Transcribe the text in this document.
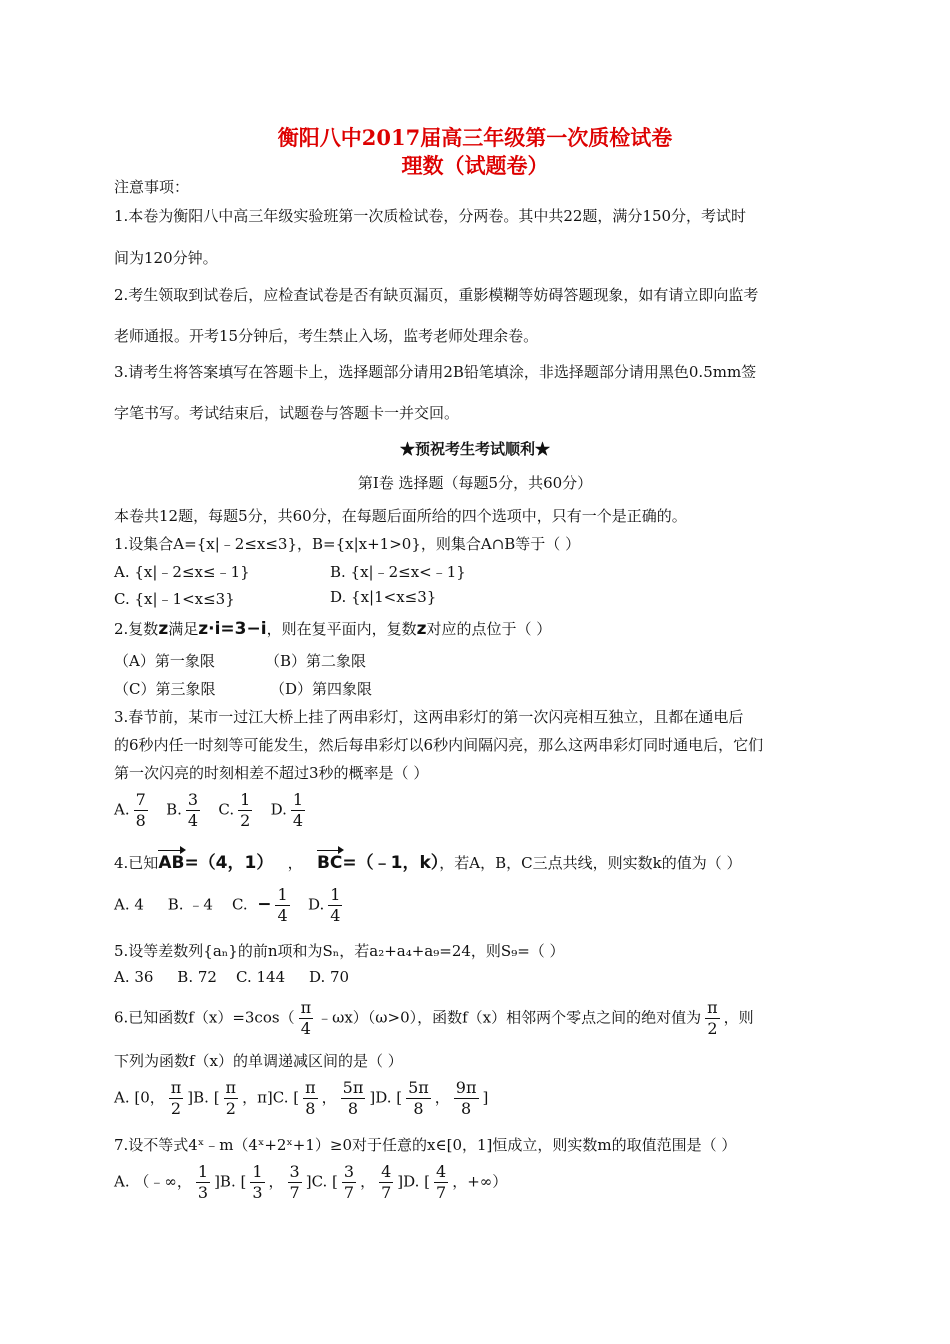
衡阳八中2017届高三年级第一次质检试卷
理数（试题卷）
注意事项：
1.本卷为衡阳八中高三年级实验班第一次质检试卷，分两卷。其中共22题，满分150分，考试时
间为120分钟。
2.考生领取到试卷后，应检查试卷是否有缺页漏页，重影模糊等妨碍答题现象，如有请立即向监考
老师通报。开考15分钟后，考生禁止入场，监考老师处理余卷。
3.请考生将答案填写在答题卡上，选择题部分请用2B铅笔填涂，非选择题部分请用黑色0.5mm签
字笔书写。考试结束后，试题卷与答题卡一并交回。
★预祝考生考试顺利★
第Ⅰ卷 选择题（每题5分，共60分）
本卷共12题，每题5分，共60分，在每题后面所给的四个选项中，只有一个是正确的。
1.设集合A={x|﹣2≤x≤3}，B={x|x+1>0}，则集合A∩B等于（ ）
A. {x|﹣2≤x≤﹣1}	B. {x|﹣2≤x<﹣1}
C. {x|﹣1<x≤3}	D. {x|1<x≤3}
2.复数z满足z·i=3−i，则在复平面内，复数z对应的点位于（ ）
（A）第一象限	（B）第二象限
（C）第三象限	（D）第四象限
3.春节前，某市一过江大桥上挂了两串彩灯，这两串彩灯的第一次闪亮相互独立，且都在通电后
的6秒内任一时刻等可能发生，然后每串彩灯以6秒内间隔闪亮，那么这两串彩灯同时通电后，它们
第一次闪亮的时刻相差不超过3秒的概率是（ ）
A. $\frac{7}{8} B$. $\frac{3}{4} C$. $\frac{1}{2} D$. $\frac{1}{4}$
4.已知AB=（4，1）   ，   BC=（﹣1，k），若A，B，C三点共线，则实数k的值为（ ）
A. 4 B. ﹣4 C. − $\frac{1}{4} D$. $\frac{1}{4}$
5.设等差数列{aₙ}的前n项和为Sₙ，若a₂+a₄+a₉=24，则S₉=（ ）
A. 36     B. 72    C. 144     D. 70
6.已知函数$f(x)=3\cos( \frac{\pi}{4}$ ﹣ωx）（ω>0），函数f（x）相邻两个零点之间的绝对值为 $\frac{\pi}{2}$ ，则
下列为函数f（x）的单调递减区间的是（ ）
A. [0， $\frac{\pi}{2} ]B$. [ $\frac{\pi}{2}$ ，π]C. [ $\frac{\pi}{8}$ ， $\frac{5\pi}{8} ]D$. [ $\frac{5\pi}{8}$ ， $\frac{9\pi}{8}$ ]
7.设不等式4ˣ﹣m（4ˣ+2ˣ+1）≥0对于任意的x∈[0，1]恒成立，则实数m的取值范围是（ ）
A. （﹣∞， $\frac{1}{3} ]B$. [ $\frac{1}{3}$ ， $\frac{3}{7} ]C$. [ $\frac{3}{7}$ ， $\frac{4}{7} ]D$. [ $\frac{4}{7}$ ，+∞）
